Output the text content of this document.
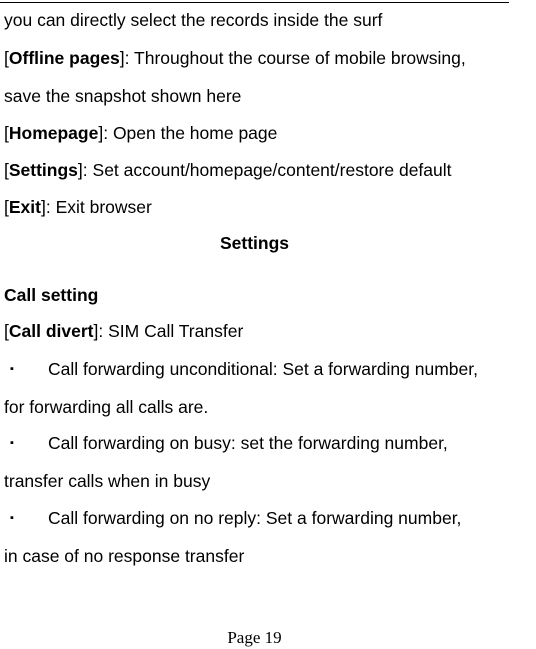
you can directly select the records inside the surf
[Offline pages]: Throughout the course of mobile browsing,
save the snapshot shown here
[Homepage]: Open the home page
[Settings]: Set account/homepage/content/restore default
[Exit]: Exit browser
Settings
Call setting
[Call divert]: SIM Call Transfer
▪ Call forwarding unconditional: Set a forwarding number,
for forwarding all calls are.
▪ Call forwarding on busy: set the forwarding number,
transfer calls when in busy
▪ Call forwarding on no reply: Set a forwarding number,
in case of no response transfer
Page 19
